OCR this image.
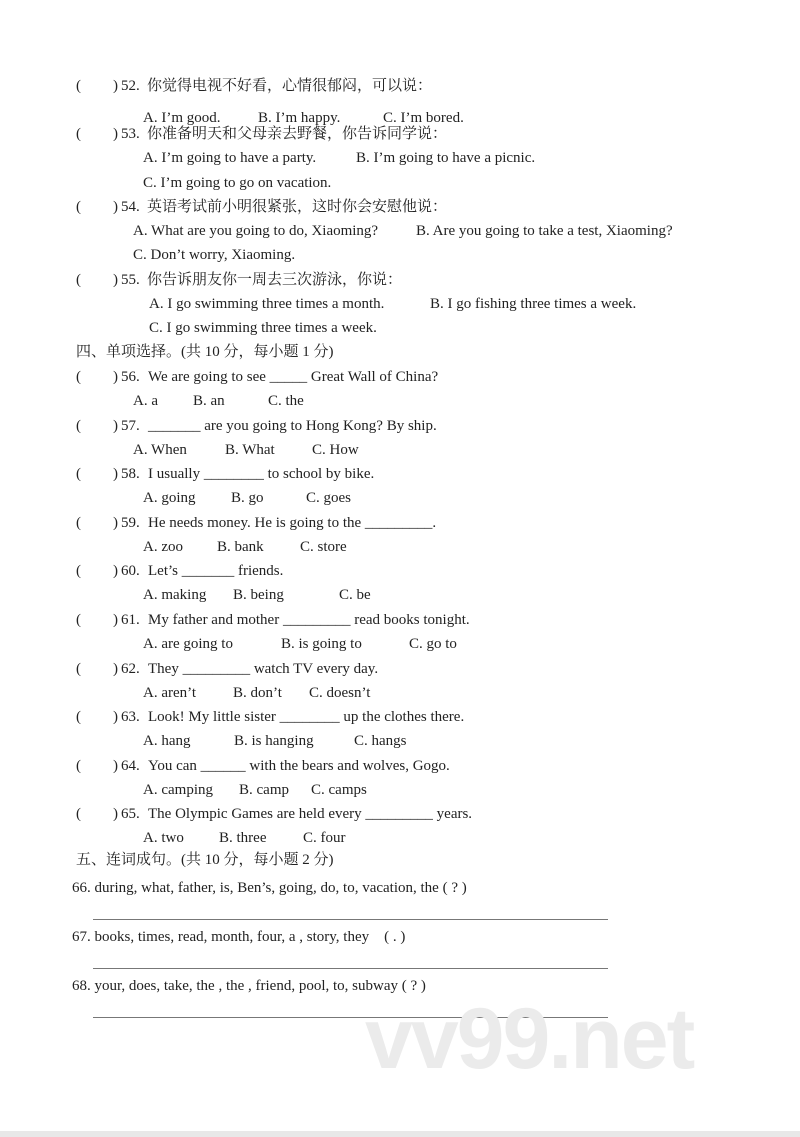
( ) 52. 你觉得电视不好看，心情很郁闷，可以说：
A. I’m good.	B. I’m happy.	C. I’m bored.
( ) 53. 你准备明天和父母亲去野餐，你告诉同学说：
A. I’m going to have a party.	B. I’m going to have a picnic.
C. I’m going to go on vacation.
( ) 54. 英语考试前小明很紧张，这时你会安慰他说：
A. What are you going to do, Xiaoming?	B. Are you going to take a test, Xiaoming?
C. Don’t worry, Xiaoming.
( ) 55. 你告诉朋友你一周去三次游泳，你说：
A. I go swimming three times a month.	B. I go fishing three times a week.
C. I go swimming three times a week.
四、单项选择。(共 10 分，每小题 1 分)
( ) 56. We are going to see _____ Great Wall of China?
A. a B. an	C. the
( ) 57. _______ are you going to Hong Kong? By ship.
A. When	B. What C. How
( ) 58. I usually ________ to school by bike.
A. going B. go	C. goes
( ) 59. He needs money. He is going to the _________.
A. zoo B. bank C. store
( ) 60. Let’s _______ friends.
A. making B. being	C. be
( ) 61. My father and mother _________ read books tonight.
A. are going to	B. is going to	C. go to
( ) 62. They _________ watch TV every day.
A. aren’t B. don’t C. doesn’t
( ) 63. Look! My little sister ________ up the clothes there.
A. hang	B. is hanging	C. hangs
( ) 64. You can ______ with the bears and wolves, Gogo.
A. camping B. camp C. camps
( ) 65. The Olympic Games are held every _________ years.
A. two B. three C. four
五、连词成句。(共 10 分，每小题 2 分)
66. during, what, father, is, Ben’s, going, do, to, vacation, the ( ? )
67. books, times, read, month, four, a , story, they　( . )
68. your, does, take, the , the , friend, pool, to, subway ( ? )
vv99.net
